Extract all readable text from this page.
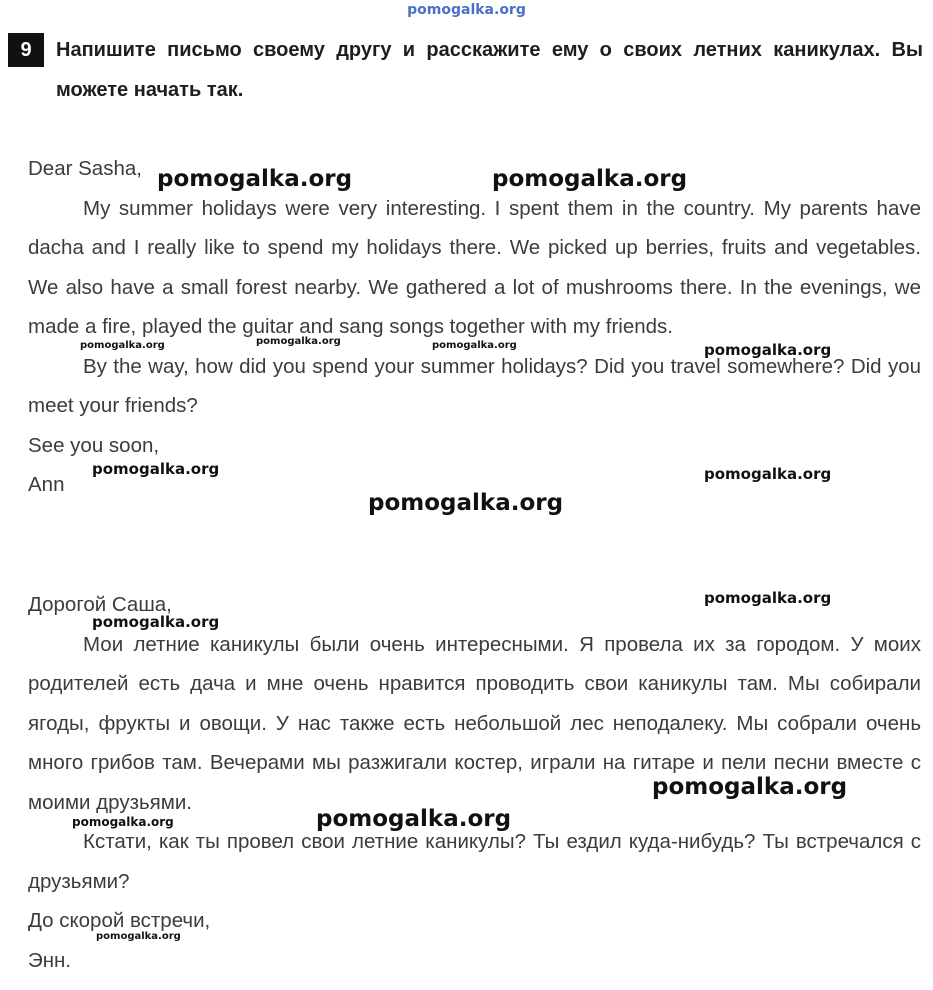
pomogalka.org
9	Напишите письмо своему другу и расскажите ему о своих летних каникулах. Вы можете начать так.

Dear Sasha,

My summer holidays were very interesting. I spent them in the country. My parents have dacha and I really like to spend my holidays there. We picked up berries, fruits and vegetables. We also have a small forest nearby. We gathered a lot of mushrooms there. In the evenings, we made a fire, played the guitar and sang songs together with my friends.

By the way, how did you spend your summer holidays? Did you travel somewhere? Did you meet your friends?

See you soon,

Ann

Дорогой Саша,

Мои летние каникулы были очень интересными. Я провела их за городом. У моих родителей есть дача и мне очень нравится проводить свои каникулы там. Мы собирали ягоды, фрукты и овощи. У нас также есть небольшой лес неподалеку. Мы собрали очень много грибов там. Вечерами мы разжигали костер, играли на гитаре и пели песни вместе с моими друзьями.

Кстати, как ты провел свои летние каникулы? Ты ездил куда-нибудь? Ты встречался с друзьями?

До скорой встречи,

Энн.

pomogalka.org	pomogalka.org
pomogalka.org	pomogalka.org	pomogalka.org	pomogalka.org
pomogalka.org	pomogalka.org
pomogalka.org
pomogalka.org
pomogalka.org
pomogalka.org
pomogalka.org	pomogalka.org
pomogalka.org
